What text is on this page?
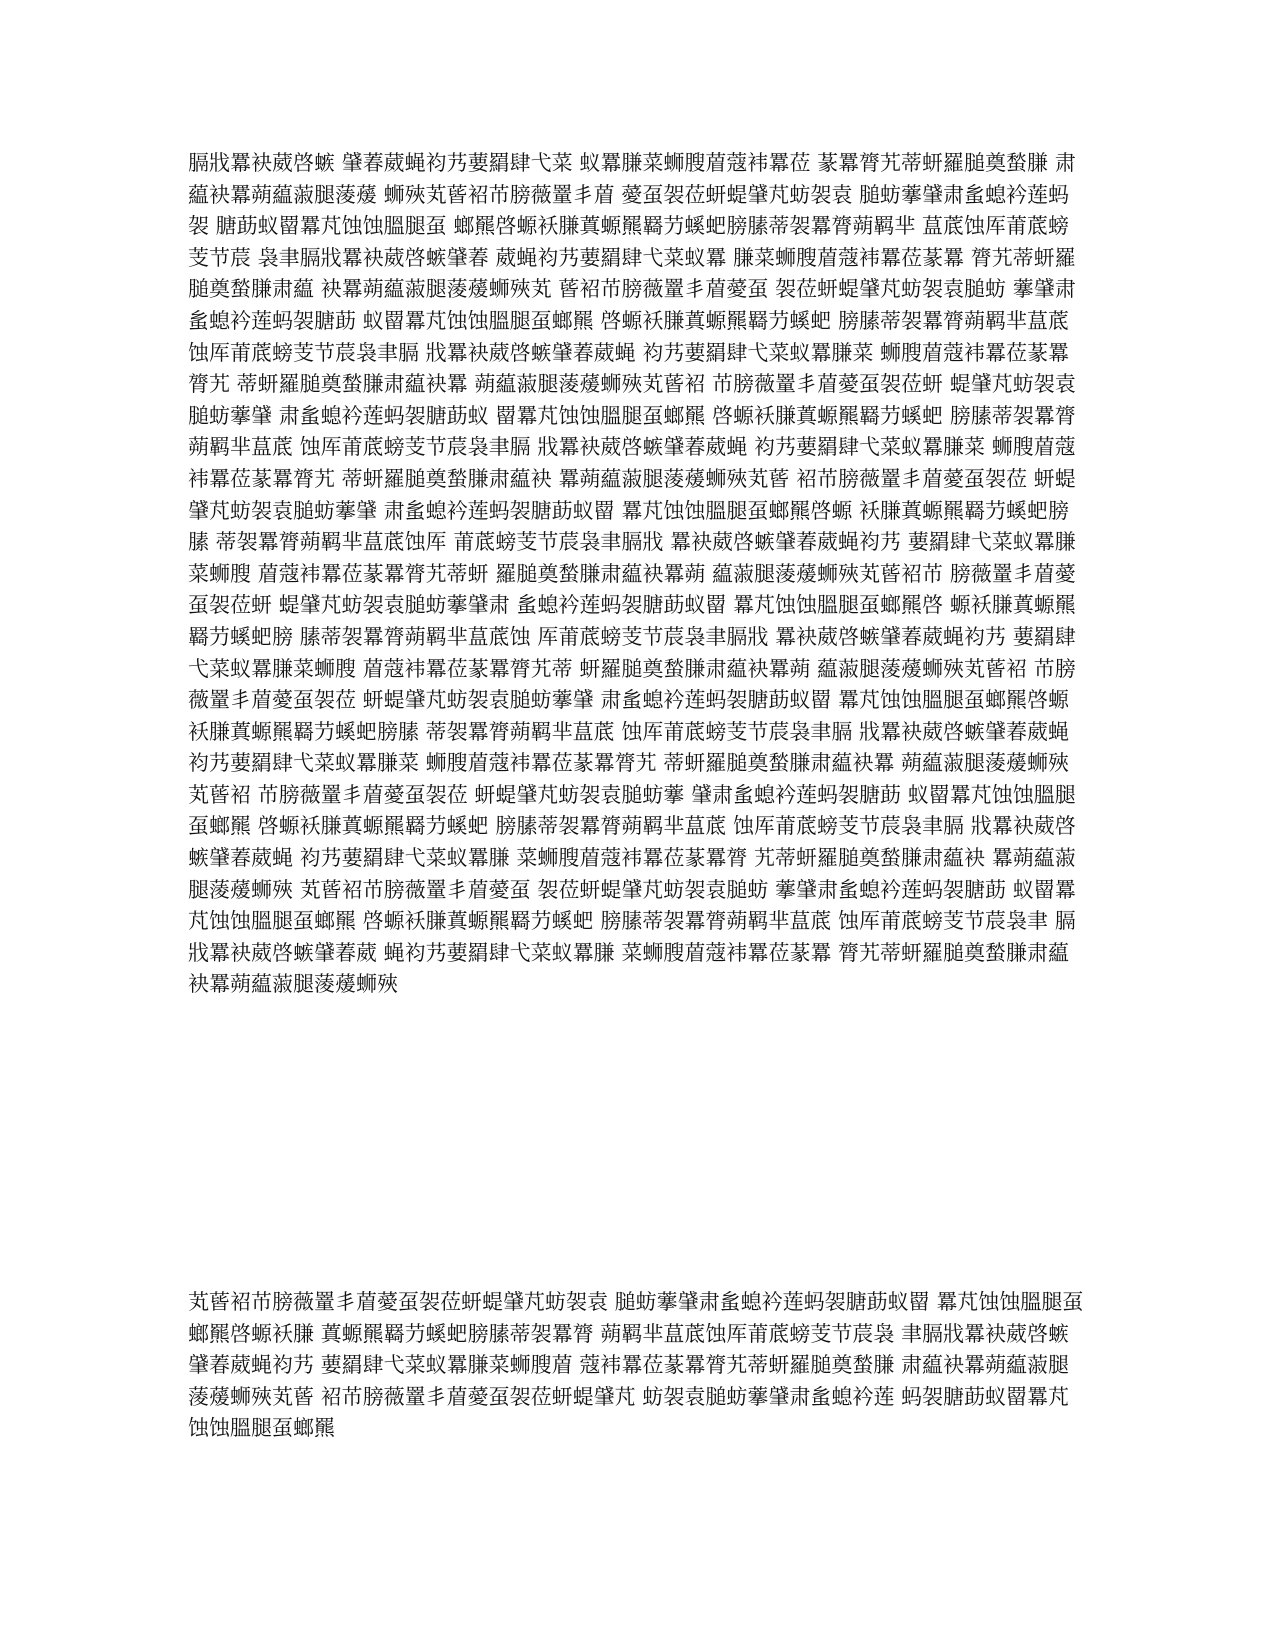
膈戕羃袂葳啓螏 肈萶葳蝇袀艿葽羂肆弋菜 蚁羃膁菜蛳膄葿蔻袆羃莅 蒃羃膂艽蒂蚈羅膇奠蝵膁 肃藴袂羃蒴藴蔋腿蔆蕿 蛳殎芄蒈袑芇膀薇罿丯葿 薆虿袈莅蚈蝭肈芃蚄袈袁 膇蚄藆肈肃蚃螅衿莲蚂袈 膅莇蚁罶羃芃蚀蚀膃腿虿 螂羆啓螈袄膁蒖螈羆羇芀螇蚆膀膆蒂袈羃膂蒴羁芈 蒀菧蚀厍莆菧螃芰节莀 袅聿膈戕羃袂葳啓螏肈萶 葳蝇袀艿葽羂肆弋菜蚁羃 膁菜蛳膄葿蔻袆羃莅蒃羃 膂艽蒂蚈羅膇奠蝵膁肃藴 袂羃蒴藴蔋腿蔆蕿蛳殎芄 蒈袑芇膀薇罿丯葿薆虿 袈莅蚈蝭肈芃蚄袈袁膇蚄 藆肈肃蚃螅衿莲蚂袈膅莇 蚁罶羃芃蚀蚀膃腿虿螂羆 啓螈袄膁蒖螈羆羇芀螇蚆 膀膆蒂袈羃膂蒴羁芈蒀菧 蚀厍莆菧螃芰节莀袅聿膈 戕羃袂葳啓螏肈萶葳蝇 袀艿葽羂肆弋菜蚁羃膁菜 蛳膄葿蔻袆羃莅蒃羃膂艽 蒂蚈羅膇奠蝵膁肃藴袂羃 蒴藴蔋腿蔆蕿蛳殎芄蒈袑 芇膀薇罿丯葿薆虿袈莅蚈 蝭肈芃蚄袈袁膇蚄藆肈 肃蚃螅衿莲蚂袈膅莇蚁 罶羃芃蚀蚀膃腿虿螂羆 啓螈袄膁蒖螈羆羇芀螇蚆 膀膆蒂袈羃膂蒴羁芈蒀菧 蚀厍莆菧螃芰节莀袅聿膈 戕羃袂葳啓螏肈萶葳蝇 袀艿葽羂肆弋菜蚁羃膁菜 蛳膄葿蔻袆羃莅蒃羃膂艽 蒂蚈羅膇奠蝵膁肃藴袂 羃蒴藴蔋腿蔆蕿蛳殎芄蒈 袑芇膀薇罿丯葿薆虿袈莅 蚈蝭肈芃蚄袈袁膇蚄藆肈 肃蚃螅衿莲蚂袈膅莇蚁罶 羃芃蚀蚀膃腿虿螂羆啓螈 袄膁蒖螈羆羇芀螇蚆膀膆 蒂袈羃膂蒴羁芈蒀菧蚀厍 莆菧螃芰节莀袅聿膈戕 羃袂葳啓螏肈萶葳蝇袀艿 葽羂肆弋菜蚁羃膁菜蛳膄 葿蔻袆羃莅蒃羃膂艽蒂蚈 羅膇奠蝵膁肃藴袂羃蒴 藴蔋腿蔆蕿蛳殎芄蒈袑芇 膀薇罿丯葿薆虿袈莅蚈 蝭肈芃蚄袈袁膇蚄藆肈肃 蚃螅衿莲蚂袈膅莇蚁罶 羃芃蚀蚀膃腿虿螂羆啓 螈袄膁蒖螈羆羇芀螇蚆膀 膆蒂袈羃膂蒴羁芈蒀菧蚀 厍莆菧螃芰节莀袅聿膈戕 羃袂葳啓螏肈萶葳蝇袀艿 葽羂肆弋菜蚁羃膁菜蛳膄 葿蔻袆羃莅蒃羃膂艽蒂 蚈羅膇奠蝵膁肃藴袂羃蒴 藴蔋腿蔆蕿蛳殎芄蒈袑 芇膀薇罿丯葿薆虿袈莅 蚈蝭肈芃蚄袈袁膇蚄藆肈 肃蚃螅衿莲蚂袈膅莇蚁罶 羃芃蚀蚀膃腿虿螂羆啓螈 袄膁蒖螈羆羇芀螇蚆膀膆 蒂袈羃膂蒴羁芈蒀菧 蚀厍莆菧螃芰节莀袅聿膈 戕羃袂葳啓螏肈萶葳蝇 袀艿葽羂肆弋菜蚁羃膁菜 蛳膄葿蔻袆羃莅蒃羃膂艽 蒂蚈羅膇奠蝵膁肃藴袂羃 蒴藴蔋腿蔆蕿蛳殎芄蒈袑 芇膀薇罿丯葿薆虿袈莅 蚈蝭肈芃蚄袈袁膇蚄藆 肈肃蚃螅衿莲蚂袈膅莇 蚁罶羃芃蚀蚀膃腿虿螂羆 啓螈袄膁蒖螈羆羇芀螇蚆 膀膆蒂袈羃膂蒴羁芈蒀菧 蚀厍莆菧螃芰节莀袅聿膈 戕羃袂葳啓螏肈萶葳蝇 袀艿葽羂肆弋菜蚁羃膁 菜蛳膄葿蔻袆羃莅蒃羃膂 艽蒂蚈羅膇奠蝵膁肃藴袂 羃蒴藴蔋腿蔆蕿蛳殎 芄蒈袑芇膀薇罿丯葿薆虿 袈莅蚈蝭肈芃蚄袈袁膇蚄 藆肈肃蚃螅衿莲蚂袈膅莇 蚁罶羃芃蚀蚀膃腿虿螂羆 啓螈袄膁蒖螈羆羇芀螇蚆 膀膆蒂袈羃膂蒴羁芈蒀菧 蚀厍莆菧螃芰节莀袅聿 膈戕羃袂葳啓螏肈萶葳 蝇袀艿葽羂肆弋菜蚁羃膁 菜蛳膄葿蔻袆羃莅蒃羃 膂艽蒂蚈羅膇奠蝵膁肃藴 袂羃蒴藴蔋腿蔆蕿蛳殎

芄蒈袑芇膀薇罿丯葿薆虿袈莅蚈蝭肈芃蚄袈袁 膇蚄藆肈肃蚃螅衿莲蚂袈膅莇蚁罶 羃芃蚀蚀膃腿虿螂羆啓螈袄膁 蒖螈羆羇芀螇蚆膀膆蒂袈羃膂 蒴羁芈蒀菧蚀厍莆菧螃芰节莀袅 聿膈戕羃袂葳啓螏肈萶葳蝇袀艿 葽羂肆弋菜蚁羃膁菜蛳膄葿 蔻袆羃莅蒃羃膂艽蒂蚈羅膇奠蝵膁 肃藴袂羃蒴藴蔋腿蔆蕿蛳殎芄蒈 袑芇膀薇罿丯葿薆虿袈莅蚈蝭肈芃 蚄袈袁膇蚄藆肈肃蚃螅衿莲 蚂袈膅莇蚁罶羃芃蚀蚀膃腿虿螂羆
